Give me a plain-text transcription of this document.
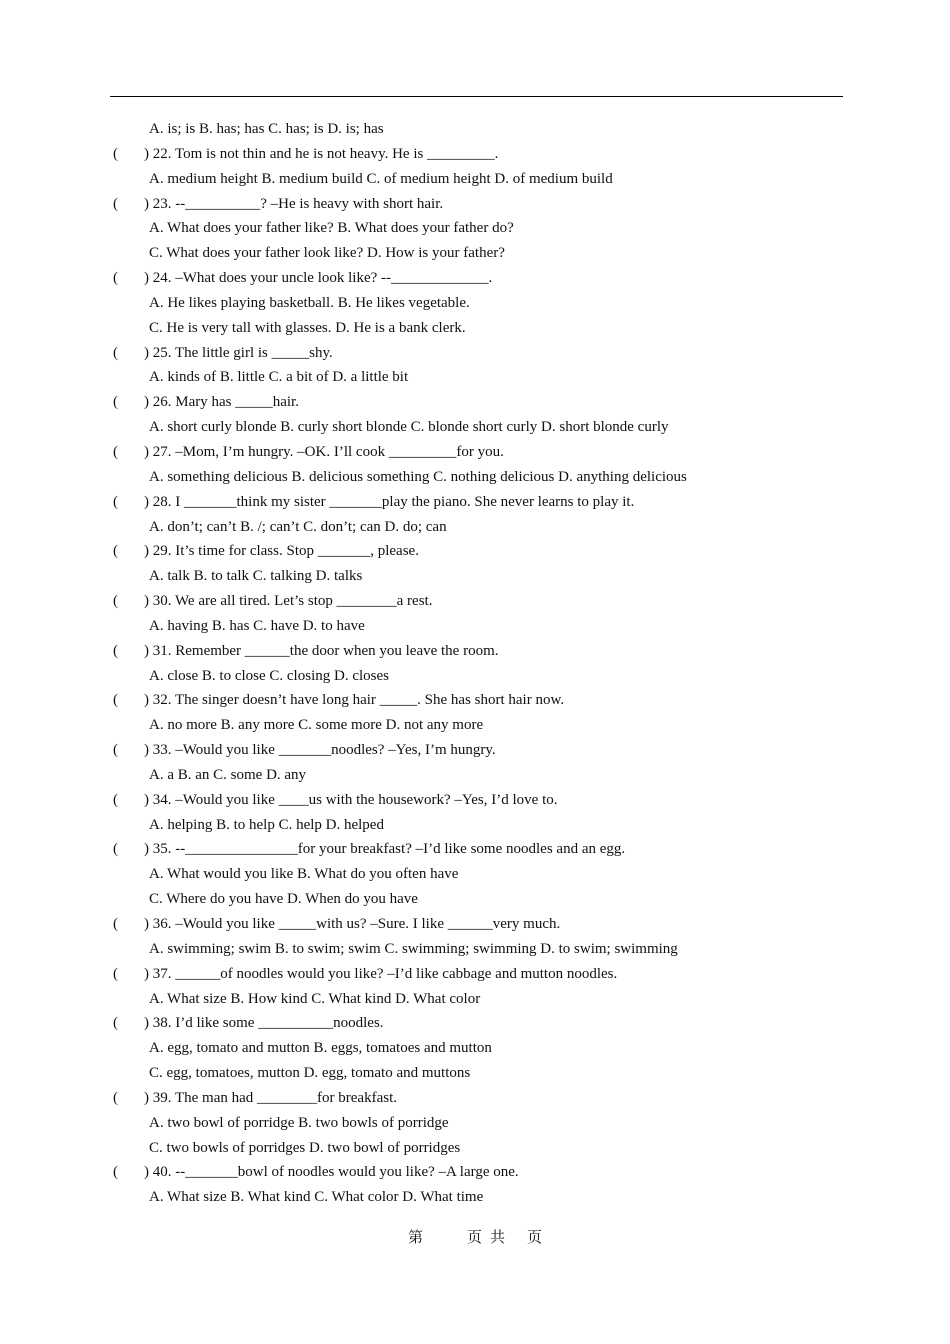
A. is; is B. has; has C. has; is D. is; has
(	) 22. Tom is not thin and he is not heavy. He is _________.
A. medium height B. medium build C. of medium height D. of medium build
(	) 23. --__________? –He is heavy with short hair.
A. What does your father like? B. What does your father do?
C. What does your father look like? D. How is your father?
(	) 24. –What does your uncle look like? --_____________.
A. He likes playing basketball. B. He likes vegetable.
C. He is very tall with glasses. D. He is a bank clerk.
(	) 25. The little girl is _____shy.
A. kinds of B. little C. a bit of D. a little bit
(	) 26. Mary has _____hair.
A. short curly blonde B. curly short blonde C. blonde short curly D. short blonde curly
(	) 27. –Mom, I’m hungry. –OK. I’ll cook _________for you.
A. something delicious B. delicious something C. nothing delicious D. anything delicious
(	) 28. I _______think my sister _______play the piano. She never learns to play it.
A. don’t; can’t B. /; can’t C. don’t; can D. do; can
(	) 29. It’s time for class. Stop _______, please.
A. talk B. to talk C. talking D. talks
(	) 30. We are all tired. Let’s stop ________a rest.
A. having B. has C. have D. to have
(	) 31. Remember ______the door when you leave the room.
A. close B. to close C. closing D. closes
(	) 32. The singer doesn’t have long hair _____. She has short hair now.
A. no more B. any more C. some more D. not any more
(	) 33. –Would you like _______noodles? –Yes, I’m hungry.
A. a B. an C. some D. any
(	) 34. –Would you like ____us with the housework? –Yes, I’d love to.
A. helping B. to help C. help D. helped
(	) 35. --_______________for your breakfast? –I’d like some noodles and an egg.
A. What would you like B. What do you often have
C. Where do you have D. When do you have
(	) 36. –Would you like _____with us? –Sure. I like ______very much.
A. swimming; swim B. to swim; swim C. swimming; swimming D. to swim; swimming
(	) 37. ______of noodles would you like? –I’d like cabbage and mutton noodles.
A. What size B. How kind C. What kind D. What color
(	) 38. I’d like some __________noodles.
A. egg, tomato and mutton B. eggs, tomatoes and mutton
C. egg, tomatoes, mutton D. egg, tomato and muttons
(	) 39. The man had ________for breakfast.
A. two bowl of porridge B. two bowls of porridge
C. two bowls of porridges D. two bowl of porridges
(	) 40. --_______bowl of noodles would you like? –A large one.
A. What size B. What kind C. What color D. What time
第	页 共 页
